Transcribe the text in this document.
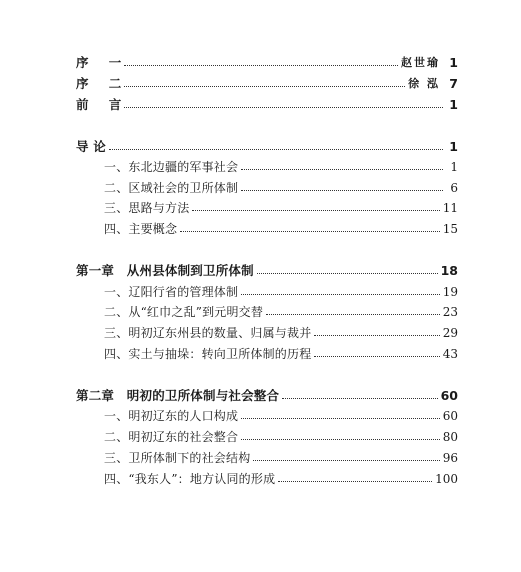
序 一	赵世瑜 1
序 二	徐 泓 7
前 言	1
导 论	1
一、东北边疆的军事社会	1
二、区域社会的卫所体制	6
三、思路与方法	11
四、主要概念	15
第一章　从州县体制到卫所体制	18
一、辽阳行省的管理体制	19
二、从“红巾之乱”到元明交替	23
三、明初辽东州县的数量、归属与裁并	29
四、实土与抽垛：转向卫所体制的历程	43
第二章　明初的卫所体制与社会整合	60
一、明初辽东的人口构成	60
二、明初辽东的社会整合	80
三、卫所体制下的社会结构	96
四、“我东人”：地方认同的形成	100
